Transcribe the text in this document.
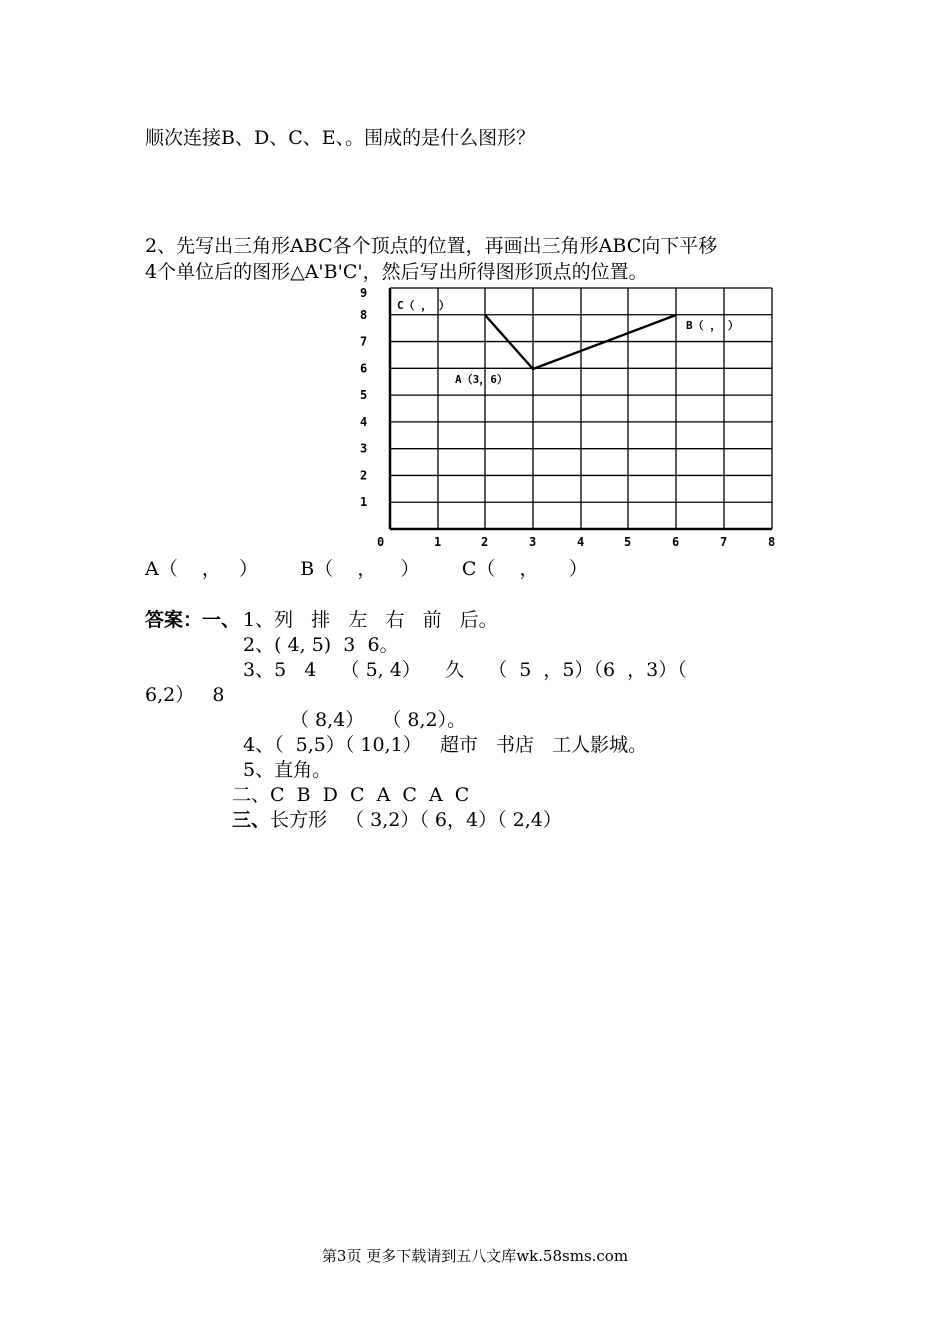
顺次连接B、D、C、E、。围成的是什么图形？
2、先写出三角形ABC各个顶点的位置，再画出三角形ABC向下平移
4个单位后的图形△A'B'C'，然后写出所得图形顶点的位置。
0	1	2	3	4	5	6	7	8
1
2
3
4
5
6
7
8
9
C（ ， ）
B（ ， ）
A（3，6）
A（    ，   ）       B（    ，    ）       C（    ，     ）
答案：一、 1、列   排   左   右   前   后。
2、( 4, 5)  3  6。
3、5   4    （ 5, 4）    久    （  5  ，5）（6  ，3）（
6,2）   8
（ 8,4）   （ 8,2）。
4、（  5,5）（ 10,1）   超市   书店   工人影城。
5、直角。
二、C  B  D  C  A  C  A  C
三、 长方形   （ 3,2）（ 6，4）（ 2,4）
第3页 更多下载请到五八文库wk.58sms.com
